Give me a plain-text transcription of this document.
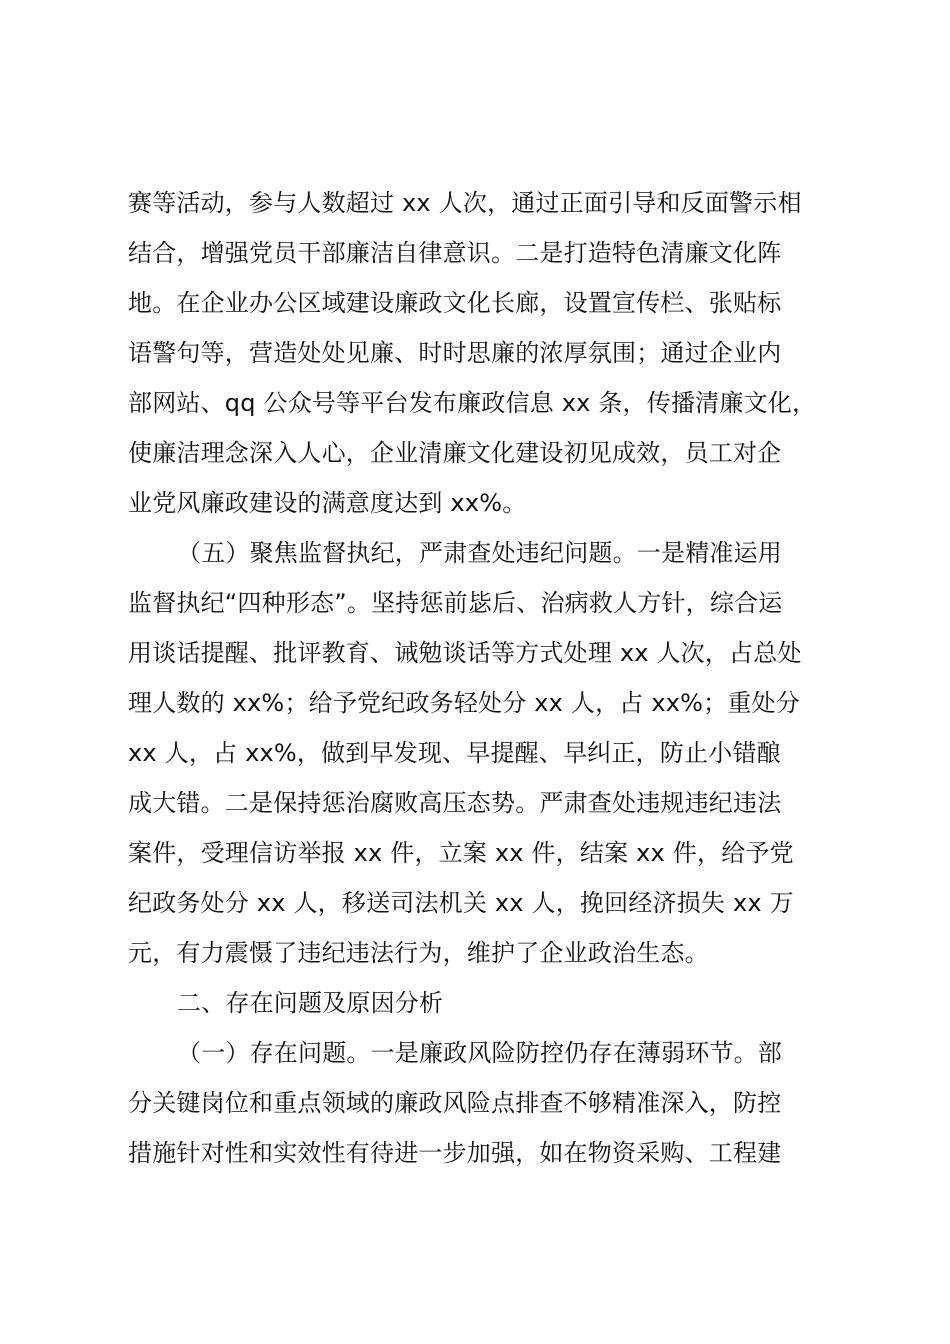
赛等活动，参与人数超过 xx 人次，通过正面引导和反面警示相
结合，增强党员干部廉洁自律意识。二是打造特色清廉文化阵
地。在企业办公区域建设廉政文化长廊，设置宣传栏、张贴标
语警句等，营造处处见廉、时时思廉的浓厚氛围；通过企业内
部网站、qq 公众号等平台发布廉政信息 xx 条，传播清廉文化，
使廉洁理念深入人心，企业清廉文化建设初见成效，员工对企
业党风廉政建设的满意度达到 xx%。
（五）聚焦监督执纪，严肃查处违纪问题。一是精准运用
监督执纪“四种形态”。坚持惩前毖后、治病救人方针，综合运
用谈话提醒、批评教育、诫勉谈话等方式处理 xx 人次，占总处
理人数的 xx%；给予党纪政务轻处分 xx 人，占 xx%；重处分
xx 人，占 xx%，做到早发现、早提醒、早纠正，防止小错酿
成大错。二是保持惩治腐败高压态势。严肃查处违规违纪违法
案件，受理信访举报 xx 件，立案 xx 件，结案 xx 件，给予党
纪政务处分 xx 人，移送司法机关 xx 人，挽回经济损失 xx 万
元，有力震慑了违纪违法行为，维护了企业政治生态。
二、存在问题及原因分析
（一）存在问题。一是廉政风险防控仍存在薄弱环节。部
分关键岗位和重点领域的廉政风险点排查不够精准深入，防控
措施针对性和实效性有待进一步加强，如在物资采购、工程建
